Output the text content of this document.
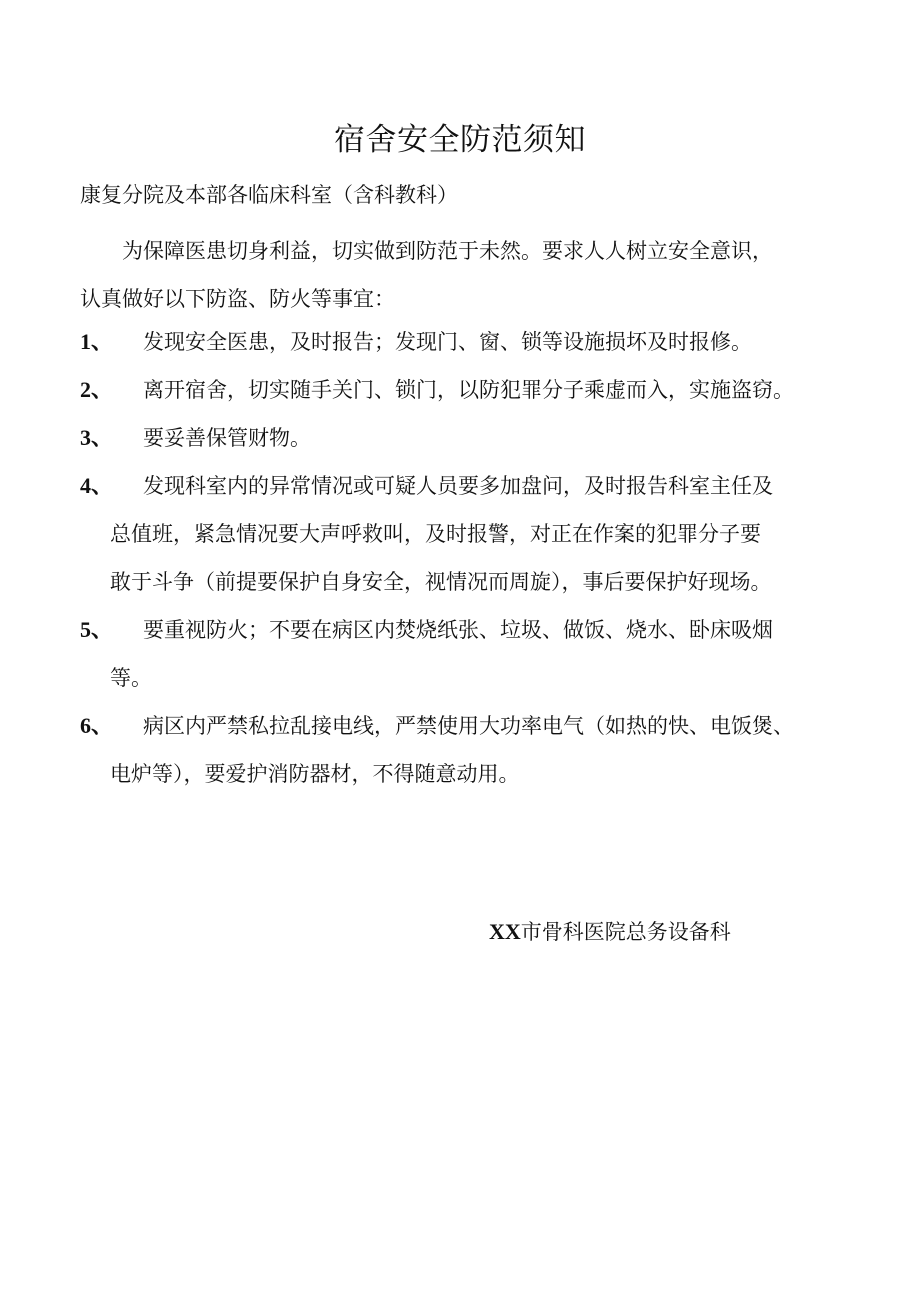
宿舍安全防范须知
康复分院及本部各临床科室（含科教科）
为保障医患切身利益，切实做到防范于未然。要求人人树立安全意识，
认真做好以下防盗、防火等事宜：
1、	发现安全医患，及时报告；发现门、窗、锁等设施损坏及时报修。
2、	离开宿舍，切实随手关门、锁门，以防犯罪分子乘虚而入，实施盗窃。
3、	要妥善保管财物。
4、	发现科室内的异常情况或可疑人员要多加盘问，及时报告科室主任及
总值班，紧急情况要大声呼救叫，及时报警，对正在作案的犯罪分子要
敢于斗争（前提要保护自身安全，视情况而周旋），事后要保护好现场。
5、	要重视防火；不要在病区内焚烧纸张、垃圾、做饭、烧水、卧床吸烟
等。
6、	病区内严禁私拉乱接电线，严禁使用大功率电气（如热的快、电饭煲、
电炉等），要爱护消防器材，不得随意动用。
XX市骨科医院总务设备科
